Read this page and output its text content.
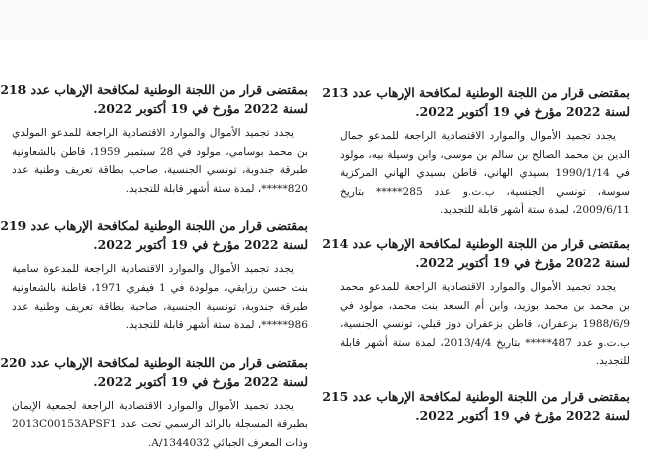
بمقتضى قرار من اللجنة الوطنية لمكافحة الإرهاب عدد 213

لسنة 2022 مؤرخ في 19 أكتوبر 2022.

يجدد تجميد الأموال والموارد الاقتصادية الراجعة للمدعو جمال الدين بن محمد الصالح بن سالم بن موسى، وابن وسيلة بيه، مولود في 1990/1/14 بسيدي الهاني، قاطن بسيدي الهاني المركزية سوسة، تونسي الجنسية، ب.ت.و عدد 285***** بتاريخ 2009/6/11، لمدة ستة أشهر قابلة للتجديد.

بمقتضى قرار من اللجنة الوطنية لمكافحة الإرهاب عدد 214

لسنة 2022 مؤرخ في 19 أكتوبر 2022.

يجدد تجميد الأموال والموارد الاقتصادية الراجعة للمدعو محمد بن محمد بن محمد بوزيد، وابن أم السعد بنت محمد، مولود في 1988/6/9 بزعفران، قاطن بزعفران دوز قبلي، تونسي الجنسية، ب.ت.و عدد 487***** بتاريخ 2013/4/4، لمدة ستة أشهر قابلة للتجديد.

بمقتضى قرار من اللجنة الوطنية لمكافحة الإرهاب عدد 215

لسنة 2022 مؤرخ في 19 أكتوبر 2022.

بمقتضى قرار من اللجنة الوطنية لمكافحة الإرهاب عدد 218

لسنة 2022 مؤرخ في 19 أكتوبر 2022.

يجدد تجميد الأموال والموارد الاقتصادية الراجعة للمدعو المولدي بن محمد بوسامي، مولود في 28 سبتمبر 1959، قاطن بالشعاونية طبرقة جندوبة، تونسي الجنسية، صاحب بطاقة تعريف وطنية عدد 820*****، لمدة ستة أشهر قابلة للتجديد.

بمقتضى قرار من اللجنة الوطنية لمكافحة الإرهاب عدد 219

لسنة 2022 مؤرخ في 19 أكتوبر 2022.

يجدد تجميد الأموال والموارد الاقتصادية الراجعة للمدعوة سامية بنت حسن رزايقي، مولودة في 1 فيفري 1971، قاطنة بالشعاونية طبرقة جندوبة، تونسية الجنسية، صاحبة بطاقة تعريف وطنية عدد 986*****، لمدة ستة أشهر قابلة للتجديد.

بمقتضى قرار من اللجنة الوطنية لمكافحة الإرهاب عدد 220

لسنة 2022 مؤرخ في 19 أكتوبر 2022.

يجدد تجميد الأموال والموارد الاقتصادية الراجعة لجمعية الإيمان بطبرقة المسجلة بالرائد الرسمي تحت عدد 2013C00153APSF1 وذات المعرف الجبائي A/1344032.
